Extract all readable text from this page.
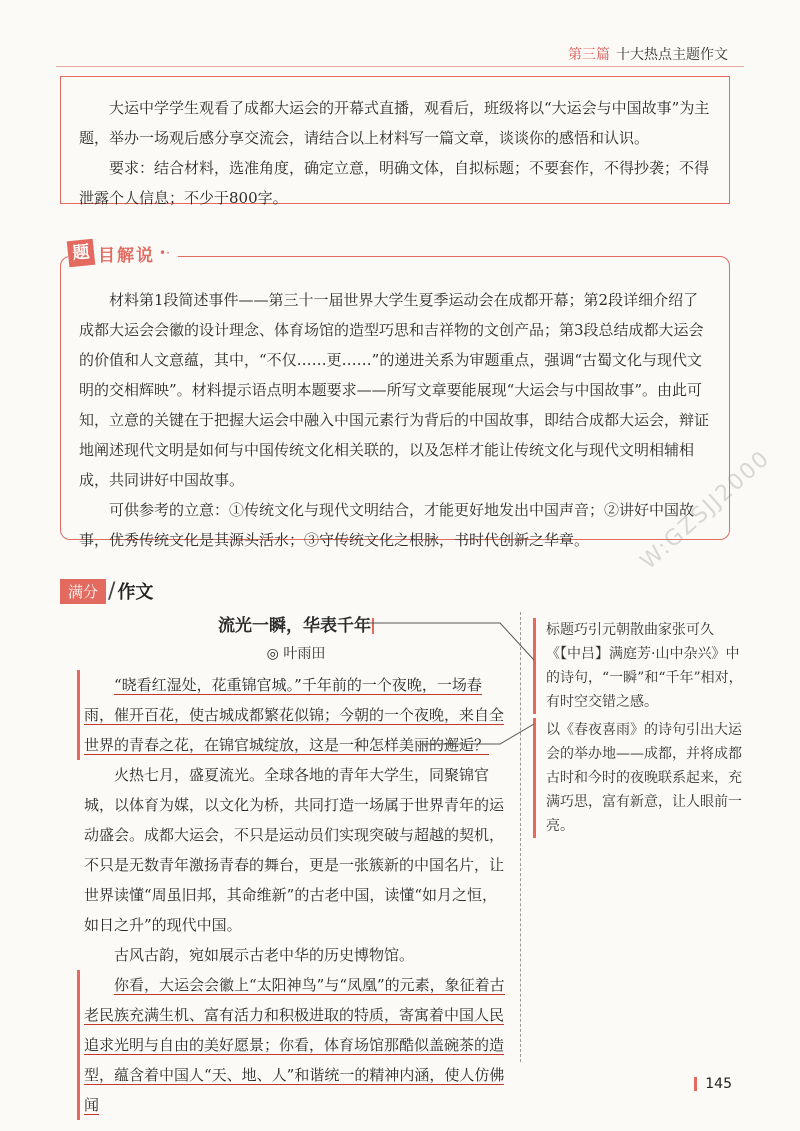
第三篇 十大热点主题作文

大运中学学生观看了成都大运会的开幕式直播，观看后，班级将以“大运会与中国故事”为主题，举办一场观后感分享交流会，请结合以上材料写一篇文章，谈谈你的感悟和认识。

要求：结合材料，选准角度，确定立意，明确文体，自拟标题；不要套作，不得抄袭；不得泄露个人信息；不少于800字。

材料第1段简述事件——第三十一届世界大学生夏季运动会在成都开幕；第2段详细介绍了成都大运会会徽的设计理念、体育场馆的造型巧思和吉祥物的文创产品；第3段总结成都大运会的价值和人文意蕴，其中，“不仅……更……”的递进关系为审题重点，强调“古蜀文化与现代文明的交相辉映”。材料提示语点明本题要求——所写文章要能展现“大运会与中国故事”。由此可知，立意的关键在于把握大运会中融入中国元素行为背后的中国故事，即结合成都大运会，辩证地阐述现代文明是如何与中国传统文化相关联的，以及怎样才能让传统文化与现代文明相辅相成，共同讲好中国故事。

可供参考的立意：①传统文化与现代文明结合，才能更好地发出中国声音；②讲好中国故事，优秀传统文化是其源头活水；③守传统文化之根脉，书时代创新之华章。

题 目解说 •·
满分 / 作文
流光一瞬，华表千年
◎ 叶雨田

“晓看红湿处，花重锦官城。”千年前的一个夜晚，一场春雨，催开百花，使古城成都繁花似锦；今朝的一个夜晚，来自全世界的青春之花，在锦官城绽放，这是一种怎样美丽的邂逅？

火热七月，盛夏流光。全球各地的青年大学生，同聚锦官城，以体育为媒，以文化为桥，共同打造一场属于世界青年的运动盛会。成都大运会，不只是运动员们实现突破与超越的契机，不只是无数青年激扬青春的舞台，更是一张簇新的中国名片，让世界读懂“周虽旧邦，其命维新”的古老中国，读懂“如月之恒，如日之升”的现代中国。

古风古韵，宛如展示古老中华的历史博物馆。

你看，大运会会徽上“太阳神鸟”与“凤凰”的元素，象征着古老民族充满生机、富有活力和积极进取的特质，寄寓着中国人民追求光明与自由的美好愿景；你看，体育场馆那酷似盖碗茶的造型，蕴含着中国人“天、地、人”和谐统一的精神内涵，使人仿佛闻

标题巧引元朝散曲家张可久《【中吕】满庭芳·山中杂兴》中的诗句，“一瞬”和“千年”相对，有时空交错之感。
以《春夜喜雨》的诗句引出大运会的举办地——成都，并将成都古时和今时的夜晚联系起来，充满巧思，富有新意，让人眼前一亮。
W:GZSJJ2000
145
